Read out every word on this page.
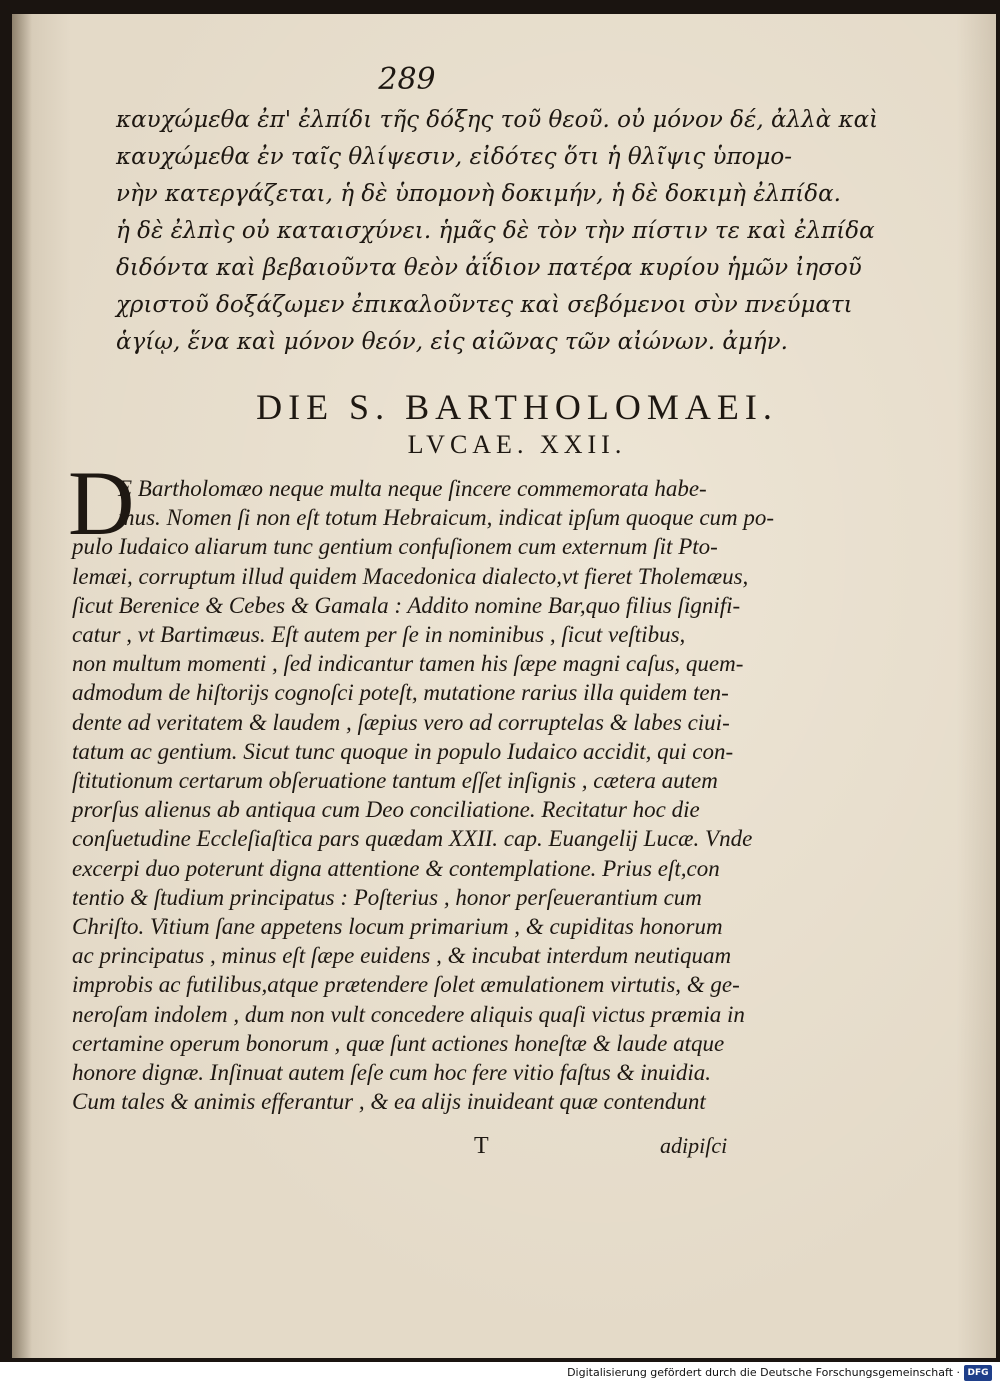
289
καυχώμεθα ἐπ' ἐλπίδι τῆς δόξης τοῦ θεοῦ. οὐ μόνον δέ, ἀλλὰ καὶ
καυχώμεθα ἐν ταῖς θλίψεσιν, εἰδότες ὅτι ἡ θλῖψις ὑπομο-
νὴν κατεργάζεται, ἡ δὲ ὑπομονὴ δοκιμήν, ἡ δὲ δοκιμὴ ἐλπίδα.
ἡ δὲ ἐλπὶς οὐ καταισχύνει. ἡμᾶς δὲ τὸν τὴν πίστιν τε καὶ ἐλπίδα
διδόντα καὶ βεβαιοῦντα θεὸν ἀΐδιον πατέρα κυρίου ἡμῶν ἰησοῦ
χριστοῦ δοξάζωμεν ἐπικαλοῦντες καὶ σεβόμενοι σὺν πνεύματι
ἁγίῳ, ἕνα καὶ μόνον θεόν, εἰς αἰῶνας τῶν αἰώνων. ἀμήν.
DIE S. BARTHOLOMAEI.
LVCAE. XXII.
D
E Bartholomæo neque multa neque ſincere commemorata habe-
mus. Nomen ſi non eſt totum Hebraicum, indicat ipſum quoque cum po-
pulo Iudaico aliarum tunc gentium confuſionem cum externum ſit Pto-
lemæi, corruptum illud quidem Macedonica dialecto,vt fieret Tholemæus,
ſicut Berenice & Cebes & Gamala : Addito nomine Bar,quo filius ſignifi-
catur , vt Bartimæus. Eſt autem per ſe in nominibus , ſicut veſtibus,
non multum momenti , ſed indicantur tamen his ſæpe magni caſus, quem-
admodum de hiſtorijs cognoſci poteſt, mutatione rarius illa quidem ten-
dente ad veritatem & laudem , ſæpius vero ad corruptelas & labes ciui-
tatum ac gentium. Sicut tunc quoque in populo Iudaico accidit, qui con-
ſtitutionum certarum obſeruatione tantum eſſet inſignis , cætera autem
prorſus alienus ab antiqua cum Deo conciliatione. Recitatur hoc die
conſuetudine Eccleſiaſtica pars quædam XXII. cap. Euangelij Lucæ. Vnde
excerpi duo poterunt digna attentione & contemplatione. Prius eſt,con
tentio & ſtudium principatus : Poſterius , honor perſeuerantium cum
Chriſto. Vitium ſane appetens locum primarium , & cupiditas honorum
ac principatus , minus eſt ſæpe euidens , & incubat interdum neutiquam
improbis ac futilibus,atque prætendere ſolet æmulationem virtutis, & ge-
neroſam indolem , dum non vult concedere aliquis quaſi victus præmia in
certamine operum bonorum , quæ ſunt actiones honeſtæ & laude atque
honore dignæ. Inſinuat autem ſeſe cum hoc fere vitio faſtus & inuidia.
Cum tales & animis efferantur , & ea alijs inuideant quæ contendunt
T	adipiſci
Digitalisierung gefördert durch die Deutsche Forschungsgemeinschaft · DFG
